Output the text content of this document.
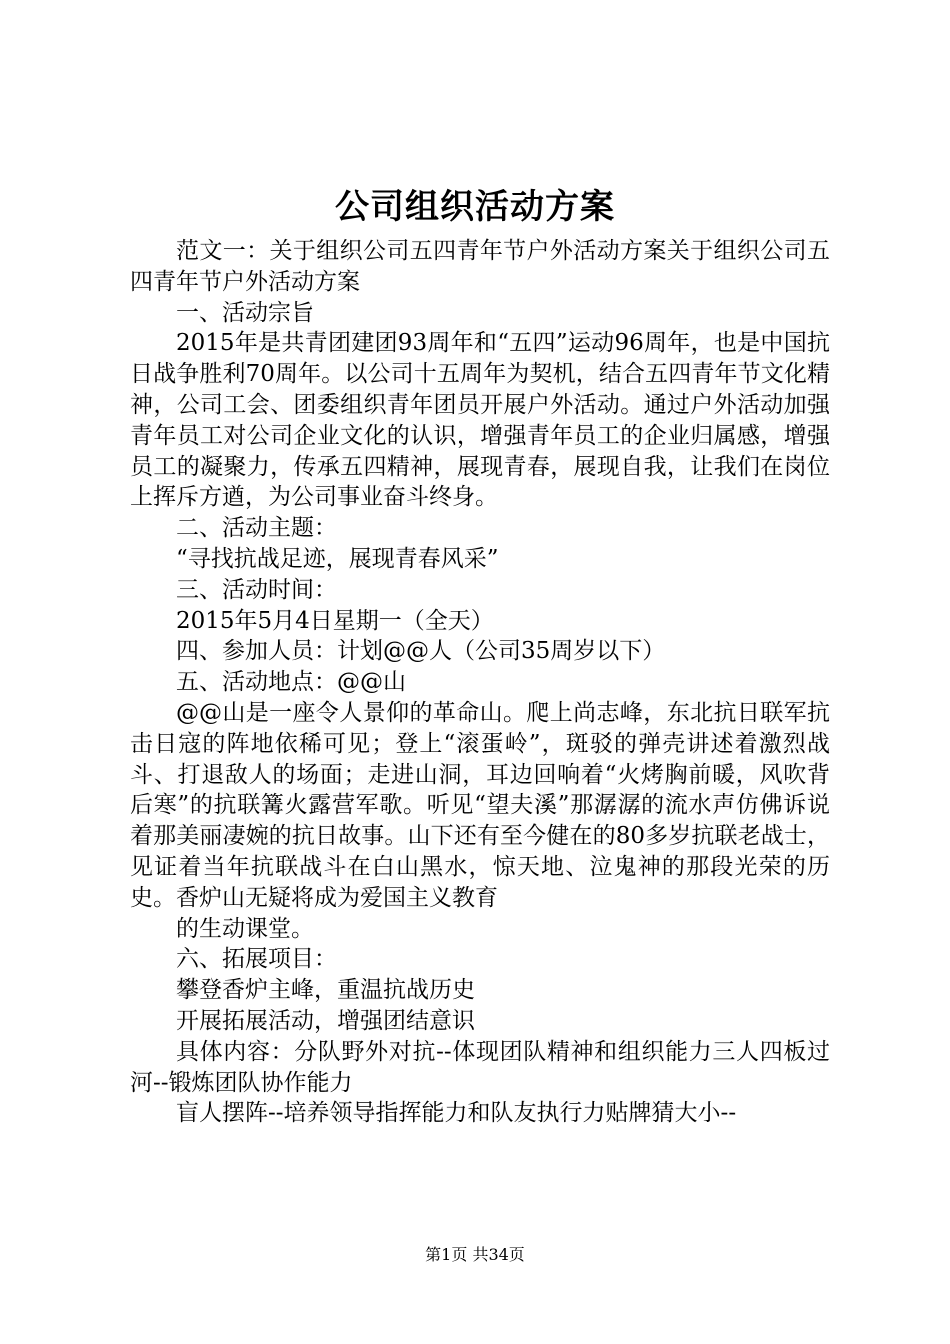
公司组织活动方案

范文一：关于组织公司五四青年节户外活动方案关于组织公司五四青年节户外活动方案

一、活动宗旨

2015年是共青团建团93周年和“五四”运动96周年，也是中国抗日战争胜利70周年。以公司十五周年为契机，结合五四青年节文化精神，公司工会、团委组织青年团员开展户外活动。通过户外活动加强青年员工对公司企业文化的认识，增强青年员工的企业归属感，增强员工的凝聚力，传承五四精神，展现青春，展现自我，让我们在岗位上挥斥方遒，为公司事业奋斗终身。

二、活动主题：

“寻找抗战足迹，展现青春风采”

三、活动时间：

2015年5月4日星期一（全天）

四、参加人员：计划@@人（公司35周岁以下）

五、活动地点：@@山

@@山是一座令人景仰的革命山。爬上尚志峰，东北抗日联军抗击日寇的阵地依稀可见；登上“滚蛋岭”，斑驳的弹壳讲述着激烈战斗、打退敌人的场面；走进山洞，耳边回响着“火烤胸前暖，风吹背后寒”的抗联篝火露营军歌。听见“望夫溪”那潺潺的流水声仿佛诉说着那美丽凄婉的抗日故事。山下还有至今健在的80多岁抗联老战士，见证着当年抗联战斗在白山黑水，惊天地、泣鬼神的那段光荣的历史。香炉山无疑将成为爱国主义教育

的生动课堂。

六、拓展项目：

攀登香炉主峰，重温抗战历史

开展拓展活动，增强团结意识

具体内容：分队野外对抗--体现团队精神和组织能力三人四板过河--锻炼团队协作能力

盲人摆阵--培养领导指挥能力和队友执行力贴牌猜大小--

第1页 共34页
